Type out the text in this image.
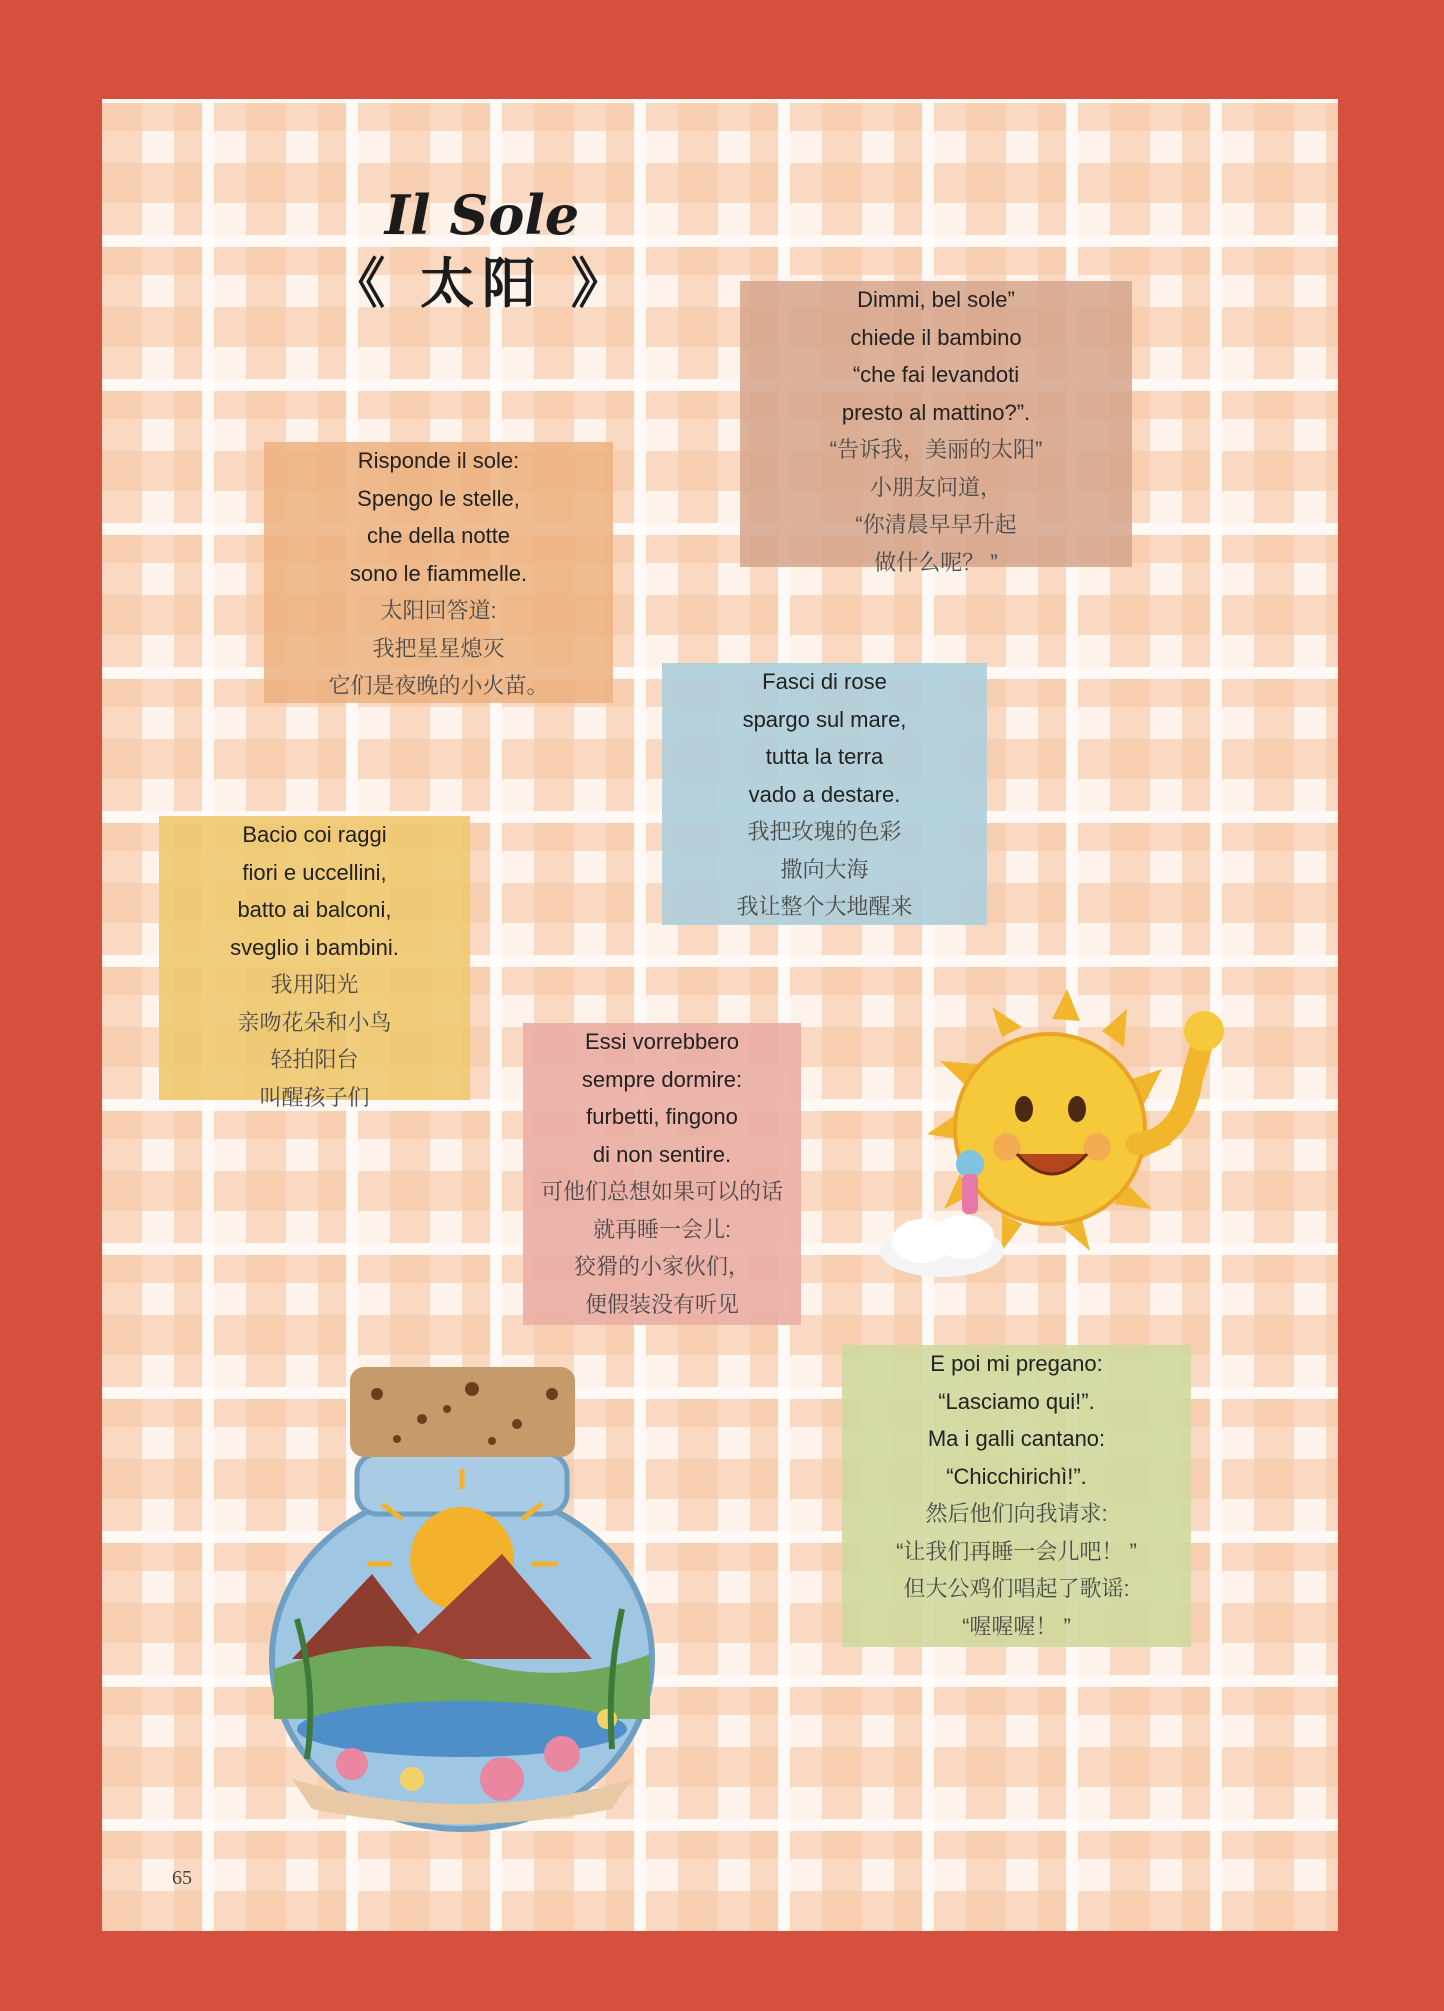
Il Sole
《 太阳 》	Dimmi, bel sole”
chiede il bambino
“che fai levandoti
presto al mattino?”.
“告诉我，美丽的太阳”
小朋友问道，
“你清晨早早升起
做什么呢？ ”
Risponde il sole:
Spengo le stelle,
che della notte
sono le fiammelle.
太阳回答道:
我把星星熄灭
它们是夜晚的小火苗。	Fasci di rose
spargo sul mare,
tutta la terra
vado a destare.
我把玫瑰的色彩
撒向大海
我让整个大地醒来
Bacio coi raggi
fiori e uccellini,
batto ai balconi,
sveglio i bambini.
我用阳光
亲吻花朵和小鸟
轻拍阳台
叫醒孩子们
Essi vorrebbero
sempre dormire:
furbetti, fingono
di non sentire.
可他们总想如果可以的话
就再睡一会儿:
狡猾的小家伙们，
便假装没有听见
E poi mi pregano:
“Lasciamo qui!”.
Ma i galli cantano:
“Chicchirichì!”.
然后他们向我请求:
“让我们再睡一会儿吧！ ”
但大公鸡们唱起了歌谣:
“喔喔喔！ ”
65
